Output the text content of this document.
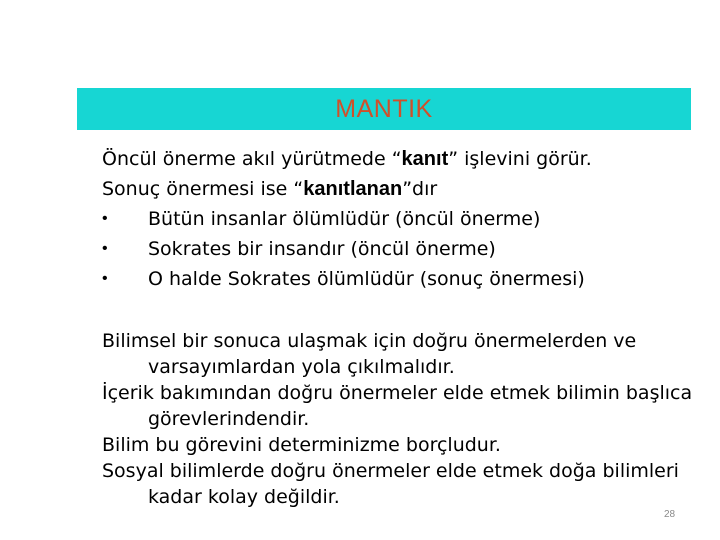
MANTIK
Öncül önerme akıl yürütmede “kanıt” işlevini görür.
Sonuç önermesi ise “kanıtlanan”dır
• Bütün insanlar ölümlüdür (öncül önerme)
• Sokrates bir insandır (öncül önerme)
• O halde Sokrates ölümlüdür (sonuç önermesi)
Bilimsel bir sonuca ulaşmak için doğru önermelerden ve varsayımlardan yola çıkılmalıdır.
İçerik bakımından doğru önermeler elde etmek bilimin başlıca görevlerindendir.
Bilim bu görevini determinizme borçludur.
Sosyal bilimlerde doğru önermeler elde etmek doğa bilimleri kadar kolay değildir.
28
